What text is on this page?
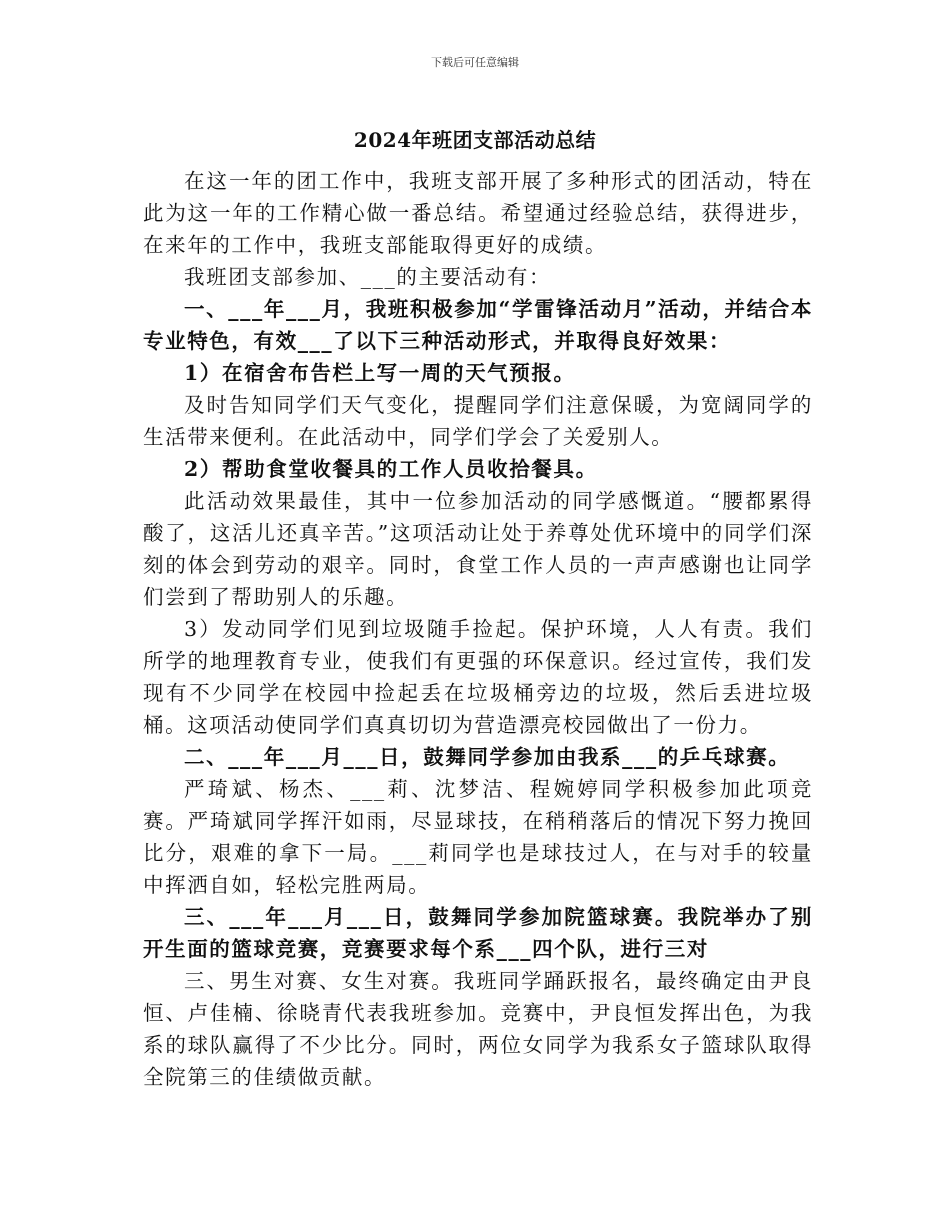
下载后可任意编辑
2024年班团支部活动总结

在这一年的团工作中，我班支部开展了多种形式的团活动，特在此为这一年的工作精心做一番总结。希望通过经验总结，获得进步，在来年的工作中，我班支部能取得更好的成绩。

我班团支部参加、___的主要活动有：

一、___年___月，我班积极参加“学雷锋活动月”活动，并结合本专业特色，有效___了以下三种活动形式，并取得良好效果：

1）在宿舍布告栏上写一周的天气预报。

及时告知同学们天气变化，提醒同学们注意保暖，为宽阔同学的生活带来便利。在此活动中，同学们学会了关爱别人。

2）帮助食堂收餐具的工作人员收拾餐具。

此活动效果最佳，其中一位参加活动的同学感慨道。“腰都累得酸了，这活儿还真辛苦。”这项活动让处于养尊处优环境中的同学们深刻的体会到劳动的艰辛。同时，食堂工作人员的一声声感谢也让同学们尝到了帮助别人的乐趣。

3）发动同学们见到垃圾随手捡起。保护环境，人人有责。我们所学的地理教育专业，使我们有更强的环保意识。经过宣传，我们发现有不少同学在校园中捡起丢在垃圾桶旁边的垃圾，然后丢进垃圾桶。这项活动使同学们真真切切为营造漂亮校园做出了一份力。

二、___年___月___日，鼓舞同学参加由我系___的乒乓球赛。

严琦斌、杨杰、___莉、沈梦洁、程婉婷同学积极参加此项竞赛。严琦斌同学挥汗如雨，尽显球技，在稍稍落后的情况下努力挽回比分，艰难的拿下一局。___莉同学也是球技过人，在与对手的较量中挥洒自如，轻松完胜两局。

三、___年___月___日，鼓舞同学参加院篮球赛。我院举办了别开生面的篮球竞赛，竞赛要求每个系___四个队，进行三对

三、男生对赛、女生对赛。我班同学踊跃报名，最终确定由尹良恒、卢佳楠、徐晓青代表我班参加。竞赛中，尹良恒发挥出色，为我系的球队赢得了不少比分。同时，两位女同学为我系女子篮球队取得全院第三的佳绩做贡献。
